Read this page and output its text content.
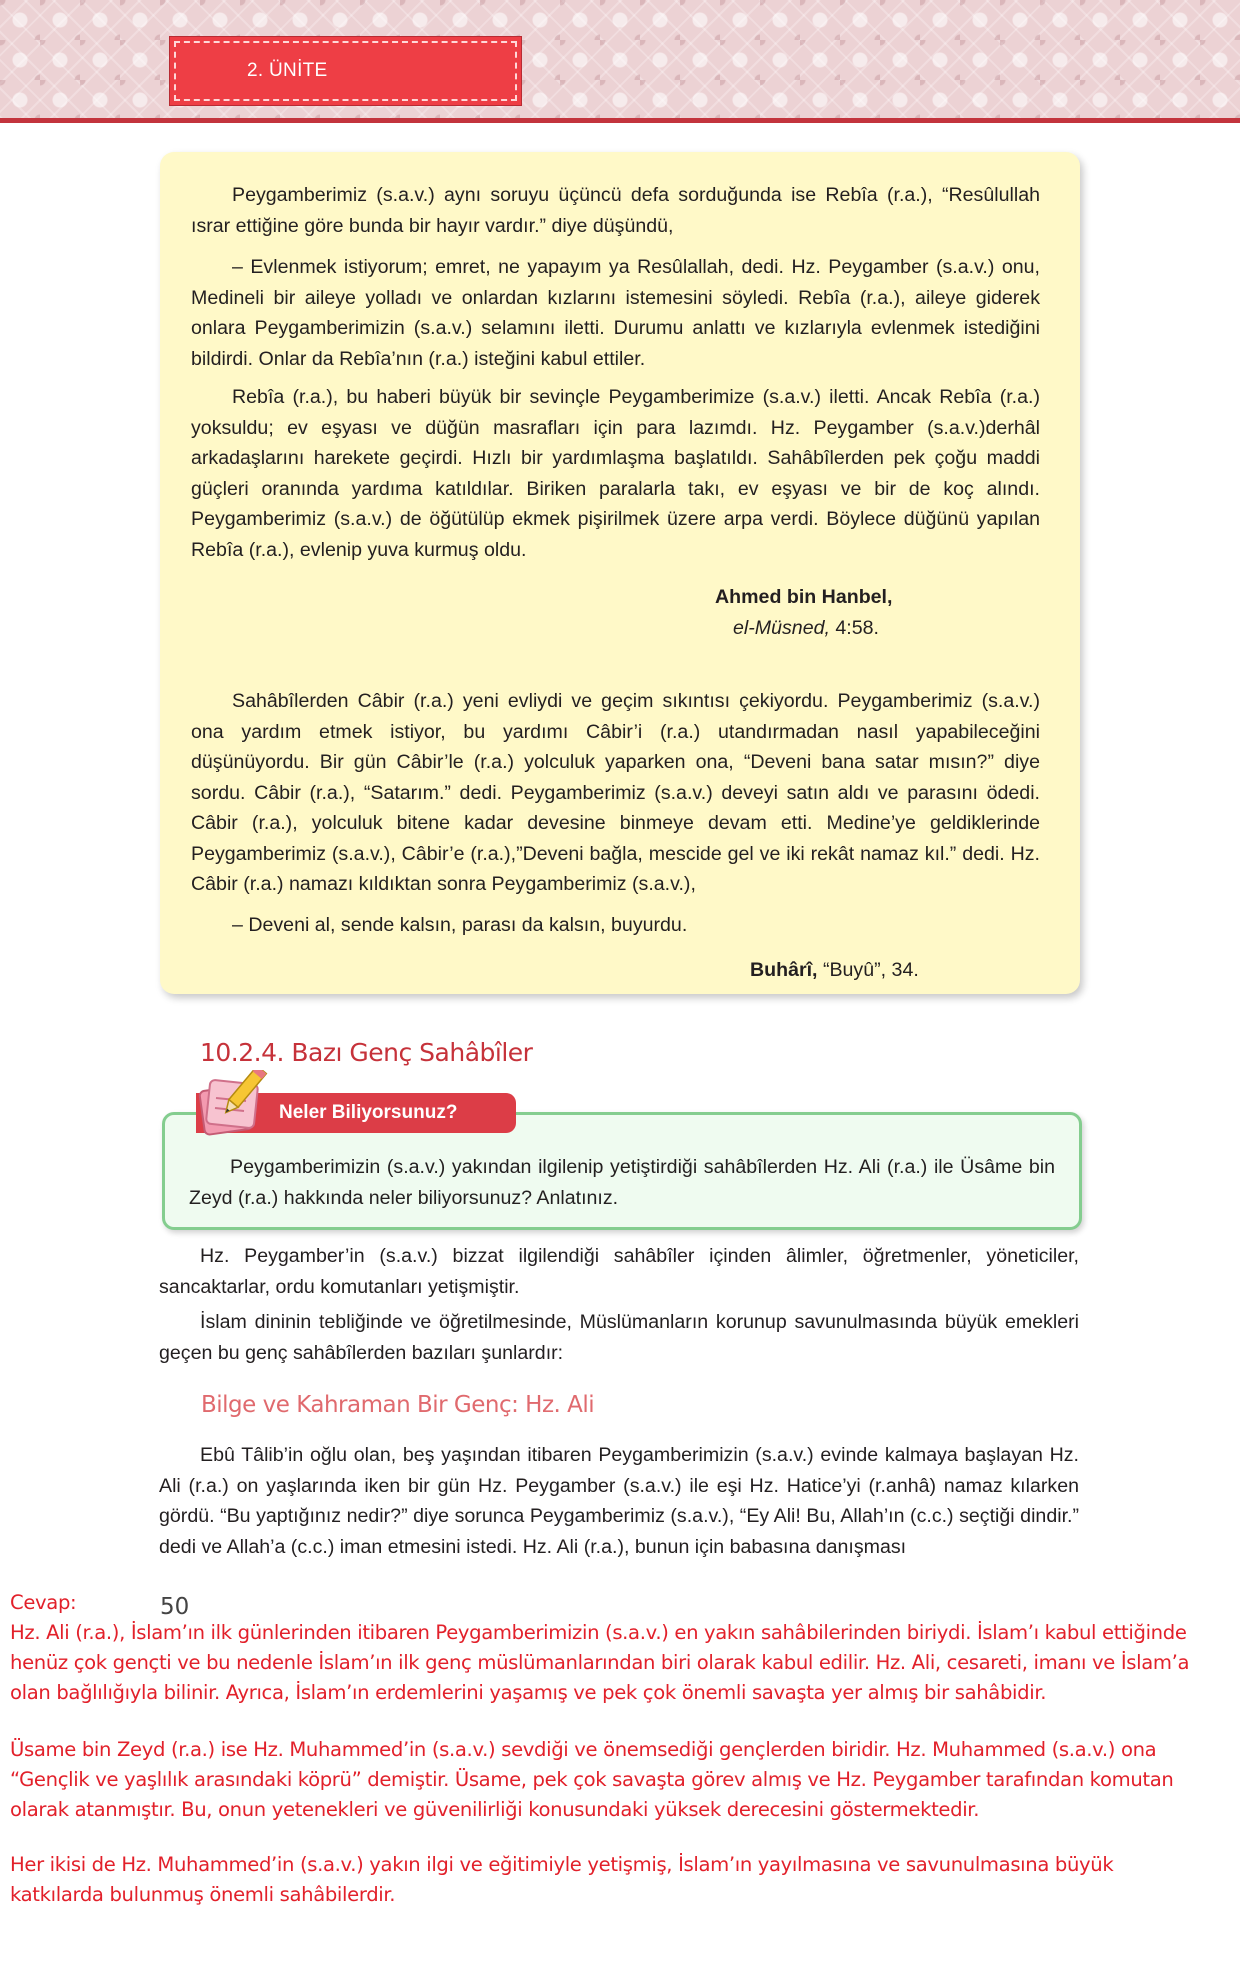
2. ÜNİTE

Peygamberimiz (s.a.v.) aynı soruyu üçüncü defa sorduğunda ise Rebîa (r.a.), “Resûlullah ısrar ettiğine göre bunda bir hayır vardır.” diye düşündü,

– Evlenmek istiyorum; emret, ne yapayım ya Resûlallah, dedi. Hz. Peygamber (s.a.v.) onu, Medineli bir aileye yolladı ve onlardan kızlarını istemesini söyledi. Rebîa (r.a.), aileye giderek onlara Peygamberimizin (s.a.v.) selamını iletti. Durumu anlattı ve kızlarıyla evlenmek istediğini bildirdi. Onlar da Rebîa’nın (r.a.) isteğini kabul ettiler.

Rebîa (r.a.), bu haberi büyük bir sevinçle Peygamberimize (s.a.v.) iletti. Ancak Rebîa (r.a.) yoksuldu; ev eşyası ve düğün masrafları için para lazımdı. Hz. Peygamber (s.a.v.)derhâl arkadaşlarını harekete geçirdi. Hızlı bir yardımlaşma başlatıldı. Sahâbîlerden pek çoğu maddi güçleri oranında yardıma katıldılar. Biriken paralarla takı, ev eşyası ve bir de koç alındı. Peygamberimiz (s.a.v.) de öğütülüp ekmek pişirilmek üzere arpa verdi. Böylece düğünü yapılan Rebîa (r.a.), evlenip yuva kurmuş oldu.

Ahmed bin Hanbel,
el-Müsned, 4:58.

Sahâbîlerden Câbir (r.a.) yeni evliydi ve geçim sıkıntısı çekiyordu. Peygamberimiz (s.a.v.) ona yardım etmek istiyor, bu yardımı Câbir’i (r.a.) utandırmadan nasıl yapabileceğini düşünüyordu. Bir gün Câbir’le (r.a.) yolculuk yaparken ona, “Deveni bana satar mısın?” diye sordu. Câbir (r.a.), “Satarım.” dedi. Peygamberimiz (s.a.v.) deveyi satın aldı ve parasını ödedi. Câbir (r.a.), yolculuk bitene kadar devesine binmeye devam etti. Medine’ye geldiklerinde Peygamberimiz (s.a.v.), Câbir’e (r.a.),”Deveni bağla, mescide gel ve iki rekât namaz kıl.” dedi. Hz. Câbir (r.a.) namazı kıldıktan sonra Peygamberimiz (s.a.v.),

– Deveni al, sende kalsın, parası da kalsın, buyurdu.

Buhârî, “Buyû”, 34.
10.2.4. Bazı Genç Sahâbîler

Peygamberimizin (s.a.v.) yakından ilgilenip yetiştirdiği sahâbîlerden Hz. Ali (r.a.) ile Üsâme bin Zeyd (r.a.) hakkında neler biliyorsunuz? Anlatınız.

Neler Biliyorsunuz?

Hz. Peygamber’in (s.a.v.) bizzat ilgilendiği sahâbîler içinden âlimler, öğretmenler, yöneticiler, sancaktarlar, ordu komutanları yetişmiştir.

İslam dininin tebliğinde ve öğretilmesinde, Müslümanların korunup savunulmasında büyük emekleri geçen bu genç sahâbîlerden bazıları şunlardır:

Bilge ve Kahraman Bir Genç: Hz. Ali

Ebû Tâlib’in oğlu olan, beş yaşından itibaren Peygamberimizin (s.a.v.) evinde kalmaya başlayan Hz. Ali (r.a.) on yaşlarında iken bir gün Hz. Peygamber (s.a.v.) ile eşi Hz. Hatice’yi (r.anhâ) namaz kılarken gördü. “Bu yaptığınız nedir?” diye sorunca Peygamberimiz (s.a.v.), “Ey Ali! Bu, Allah’ın (c.c.) seçtiği dindir.” dedi ve Allah’a (c.c.) iman etmesini istedi. Hz. Ali (r.a.), bunun için babasına danışması

50

Cevap:

Hz. Ali (r.a.), İslam’ın ilk günlerinden itibaren Peygamberimizin (s.a.v.) en yakın sahâbilerinden biriydi. İslam’ı kabul ettiğinde
henüz çok gençti ve bu nedenle İslam’ın ilk genç müslümanlarından biri olarak kabul edilir. Hz. Ali, cesareti, imanı ve İslam’a
olan bağlılığıyla bilinir. Ayrıca, İslam’ın erdemlerini yaşamış ve pek çok önemli savaşta yer almış bir sahâbidir.

Üsame bin Zeyd (r.a.) ise Hz. Muhammed’in (s.a.v.) sevdiği ve önemsediği gençlerden biridir. Hz. Muhammed (s.a.v.) ona
“Gençlik ve yaşlılık arasındaki köprü” demiştir. Üsame, pek çok savaşta görev almış ve Hz. Peygamber tarafından komutan
olarak atanmıştır. Bu, onun yetenekleri ve güvenilirliği konusundaki yüksek derecesini göstermektedir.

Her ikisi de Hz. Muhammed’in (s.a.v.) yakın ilgi ve eğitimiyle yetişmiş, İslam’ın yayılmasına ve savunulmasına büyük
katkılarda bulunmuş önemli sahâbilerdir.
